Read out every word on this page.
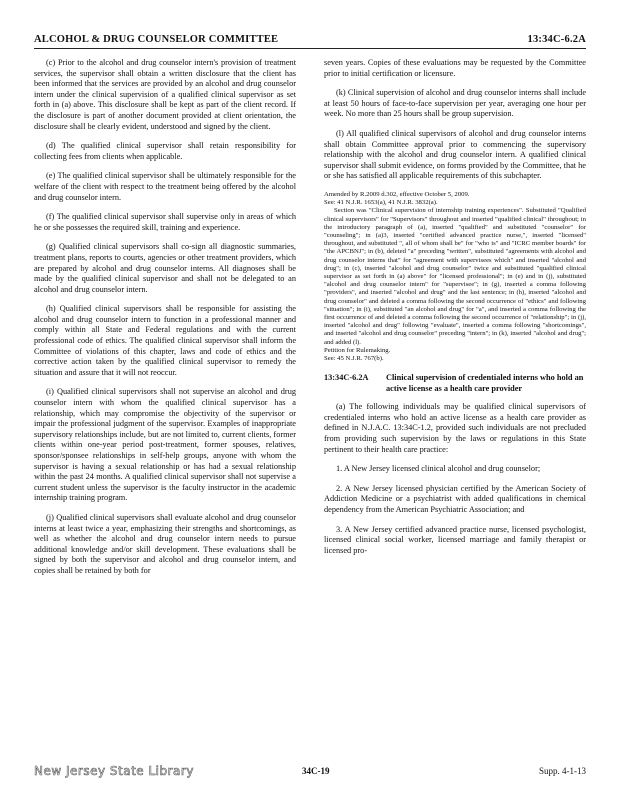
ALCOHOL & DRUG COUNSELOR COMMITTEE	13:34C-6.2A

(c) Prior to the alcohol and drug counselor intern's provision of treatment services, the supervisor shall obtain a written disclosure that the client has been informed that the services are provided by an alcohol and drug counselor intern under the clinical supervision of a qualified clinical supervisor as set forth in (a) above. This disclosure shall be kept as part of the client record. If the disclosure is part of another document provided at client orientation, the disclosure shall be clearly evident, understood and signed by the client.

(d) The qualified clinical supervisor shall retain responsibility for collecting fees from clients when applicable.

(e) The qualified clinical supervisor shall be ultimately responsible for the welfare of the client with respect to the treatment being offered by the alcohol and drug counselor intern.

(f) The qualified clinical supervisor shall supervise only in areas of which he or she possesses the required skill, training and experience.

(g) Qualified clinical supervisors shall co-sign all diagnostic summaries, treatment plans, reports to courts, agencies or other treatment providers, which are prepared by alcohol and drug counselor interns. All diagnoses shall be made by the qualified clinical supervisor and shall not be delegated to an alcohol and drug counselor intern.

(h) Qualified clinical supervisors shall be responsible for assisting the alcohol and drug counselor intern to function in a professional manner and comply within all State and Federal regulations and with the current professional code of ethics. The qualified clinical supervisor shall inform the Committee of violations of this chapter, laws and code of ethics and the corrective action taken by the qualified clinical supervisor to remedy the situation and assure that it will not reoccur.

(i) Qualified clinical supervisors shall not supervise an alcohol and drug counselor intern with whom the qualified clinical supervisor has a relationship, which may compromise the objectivity of the supervisor or impair the professional judgment of the supervisor. Examples of inappropriate supervisory relationships include, but are not limited to, current clients, former clients within one-year period post-treatment, former spouses, relatives, sponsor/sponsee relationships in self-help groups, anyone with whom the supervisor is having a sexual relationship or has had a sexual relationship within the past 24 months. A qualified clinical supervisor shall not supervise a current student unless the supervisor is the faculty instructor in the academic internship training program.

(j) Qualified clinical supervisors shall evaluate alcohol and drug counselor interns at least twice a year, emphasizing their strengths and shortcomings, as well as whether the alcohol and drug counselor intern needs to pursue additional knowledge and/or skill development. These evaluations shall be signed by both the supervisor and alcohol and drug counselor intern, and copies shall be retained by both for

seven years. Copies of these evaluations may be requested by the Committee prior to initial certification or licensure.

(k) Clinical supervision of alcohol and drug counselor interns shall include at least 50 hours of face-to-face supervision per year, averaging one hour per week. No more than 25 hours shall be group supervision.

(l) All qualified clinical supervisors of alcohol and drug counselor interns shall obtain Committee approval prior to commencing the supervisory relationship with the alcohol and drug counselor intern. A qualified clinical supervisor shall submit evidence, on forms provided by the Committee, that he or she has satisfied all applicable requirements of this subchapter.

Amended by R.2009 d.302, effective October 5, 2009.

See: 41 N.J.R. 1653(a), 41 N.J.R. 3832(a).

Section was "Clinical supervision of internship training experiences". Substituted "Qualified clinical supervisors" for "Supervisors" throughout and inserted "qualified clinical" throughout; in the introductory paragraph of (a), inserted "qualified" and substituted "counselor" for "counseling"; in (a)3, inserted "certified advanced practice nurse,", inserted "licensed" throughout, and substituted ", all of whom shall be" for "who is" and "ICRC member boards" for "the APCBNJ"; in (b), deleted "a" preceding "written", substituted "agreements with alcohol and drug counselor interns that" for "agreement with supervisees which" and inserted "alcohol and drug"; in (c), inserted "alcohol and drug counselor" twice and substituted "qualified clinical supervisor as set forth in (a) above" for "licensed professional"; in (e) and in (j), substituted "alcohol and drug counselor intern" for "supervisee"; in (g), inserted a comma following "providers", and inserted "alcohol and drug" and the last sentence; in (h), inserted "alcohol and drug counselor" and deleted a comma following the second occurrence of "ethics" and following "situation"; in (i), substituted "an alcohol and drug" for "a", and inserted a comma following the first occurrence of and deleted a comma following the second occurrence of "relationship"; in (j), inserted "alcohol and drug" following "evaluate", inserted a comma following "shortcomings", and inserted "alcohol and drug counselor" preceding "intern"; in (k), inserted "alcohol and drug"; and added (l).

Petition for Rulemaking.

See: 45 N.J.R. 767(b).

13:34C-6.2A	Clinical supervision of credentialed interns who hold an active license as a health care provider

(a) The following individuals may be qualified clinical supervisors of credentialed interns who hold an active license as a health care provider as defined in N.J.A.C. 13:34C-1.2, provided such individuals are not precluded from providing such supervision by the laws or regulations in this State pertinent to their health care practice:

1. A New Jersey licensed clinical alcohol and drug counselor;

2. A New Jersey licensed physician certified by the American Society of Addiction Medicine or a psychiatrist with added qualifications in chemical dependency from the American Psychiatric Association; and

3. A New Jersey certified advanced practice nurse, licensed psychologist, licensed clinical social worker, licensed marriage and family therapist or licensed pro-

New Jersey State Library	34C-19	Supp. 4-1-13
